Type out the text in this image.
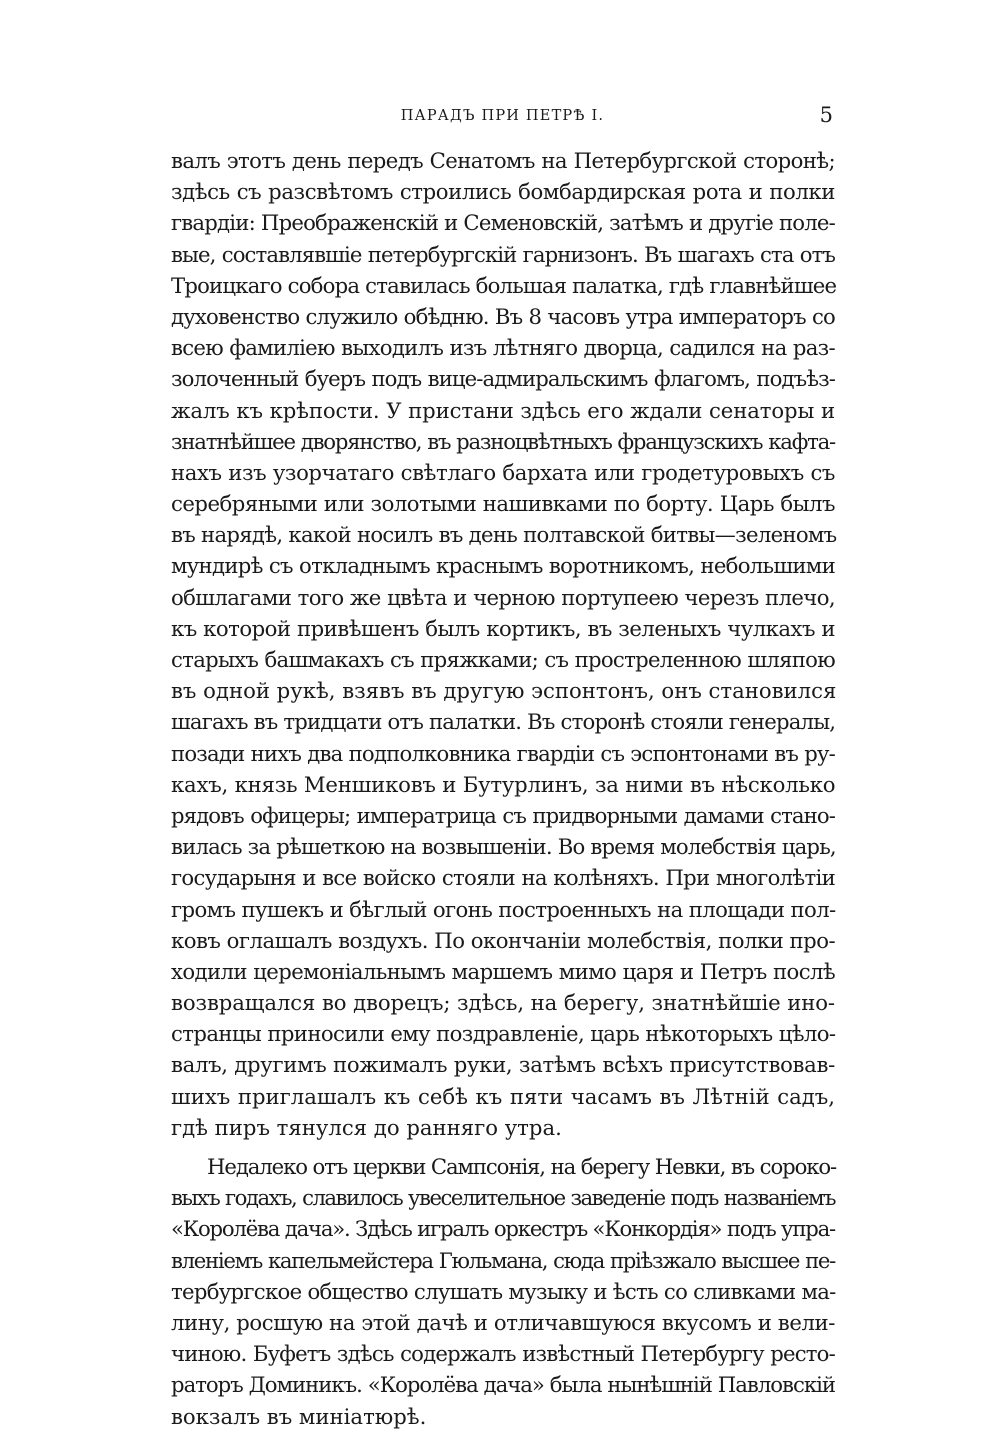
ПАРАДЪ ПРИ ПЕТРѢ I.	5
валъ этотъ день передъ Сенатомъ на Петербургской сторонѣ;
здѣсь съ разсвѣтомъ строились бомбардирская рота и полки
гвардіи: Преображенскій и Семеновскій, затѣмъ и другіе поле-
вые, составлявшіе петербургскій гарнизонъ. Въ шагахъ ста отъ
Троицкаго собора ставилась большая палатка, гдѣ главнѣйшее
духовенство служило обѣдню. Въ 8 часовъ утра императоръ со
всею фамиліею выходилъ изъ лѣтняго дворца, садился на раз-
золоченный буеръ подъ вице-адмиральскимъ флагомъ, подъѣз-
жалъ къ крѣпости. У пристани здѣсь его ждали сенаторы и
знатнѣйшее дворянство, въ разноцвѣтныхъ французскихъ кафта-
нахъ изъ узорчатаго свѣтлаго бархата или гродетуровыхъ съ
серебряными или золотыми нашивками по борту. Царь былъ
въ нарядѣ, какой носилъ въ день полтавской битвы—зеленомъ
мундирѣ съ откладнымъ краснымъ воротникомъ, небольшими
обшлагами того же цвѣта и черною портупеею черезъ плечо,
къ которой привѣшенъ былъ кортикъ, въ зеленыхъ чулкахъ и
старыхъ башмакахъ съ пряжками; съ простреленною шляпою
въ одной рукѣ, взявъ въ другую эспонтонъ, онъ становился
шагахъ въ тридцати отъ палатки. Въ сторонѣ стояли генералы,
позади нихъ два подполковника гвардіи съ эспонтонами въ ру-
кахъ, князь Меншиковъ и Бутурлинъ, за ними въ нѣсколько
рядовъ офицеры; императрица съ придворными дамами стано-
вилась за рѣшеткою на возвышеніи. Во время молебствія царь,
государыня и все войско стояли на колѣняхъ. При многолѣтіи
громъ пушекъ и бѣглый огонь построенныхъ на площади пол-
ковъ оглашалъ воздухъ. По окончаніи молебствія, полки про-
ходили церемоніальнымъ маршемъ мимо царя и Петръ послѣ
возвращался во дворецъ; здѣсь, на берегу, знатнѣйшіе ино-
странцы приносили ему поздравленіе, царь нѣкоторыхъ цѣло-
валъ, другимъ пожималъ руки, затѣмъ всѣхъ присутствовав-
шихъ приглашалъ къ себѣ къ пяти часамъ въ Лѣтній садъ,
гдѣ пиръ тянулся до ранняго утра.
Недалеко отъ церкви Сампсонія, на берегу Невки, въ сороко-
выхъ годахъ, славилось увеселительное заведеніе подъ названіемъ
«Королёва дача». Здѣсь игралъ оркестръ «Конкордія» подъ упра-
вленіемъ капельмейстера Гюльмана, сюда пріѣзжало высшее пе-
тербургское общество слушать музыку и ѣсть со сливками ма-
лину, росшую на этой дачѣ и отличавшуюся вкусомъ и вели-
чиною. Буфетъ здѣсь содержалъ извѣстный Петербургу ресто-
раторъ Доминикъ. «Королёва дача» была нынѣшній Павловскій
вокзалъ въ миніатюрѣ.
